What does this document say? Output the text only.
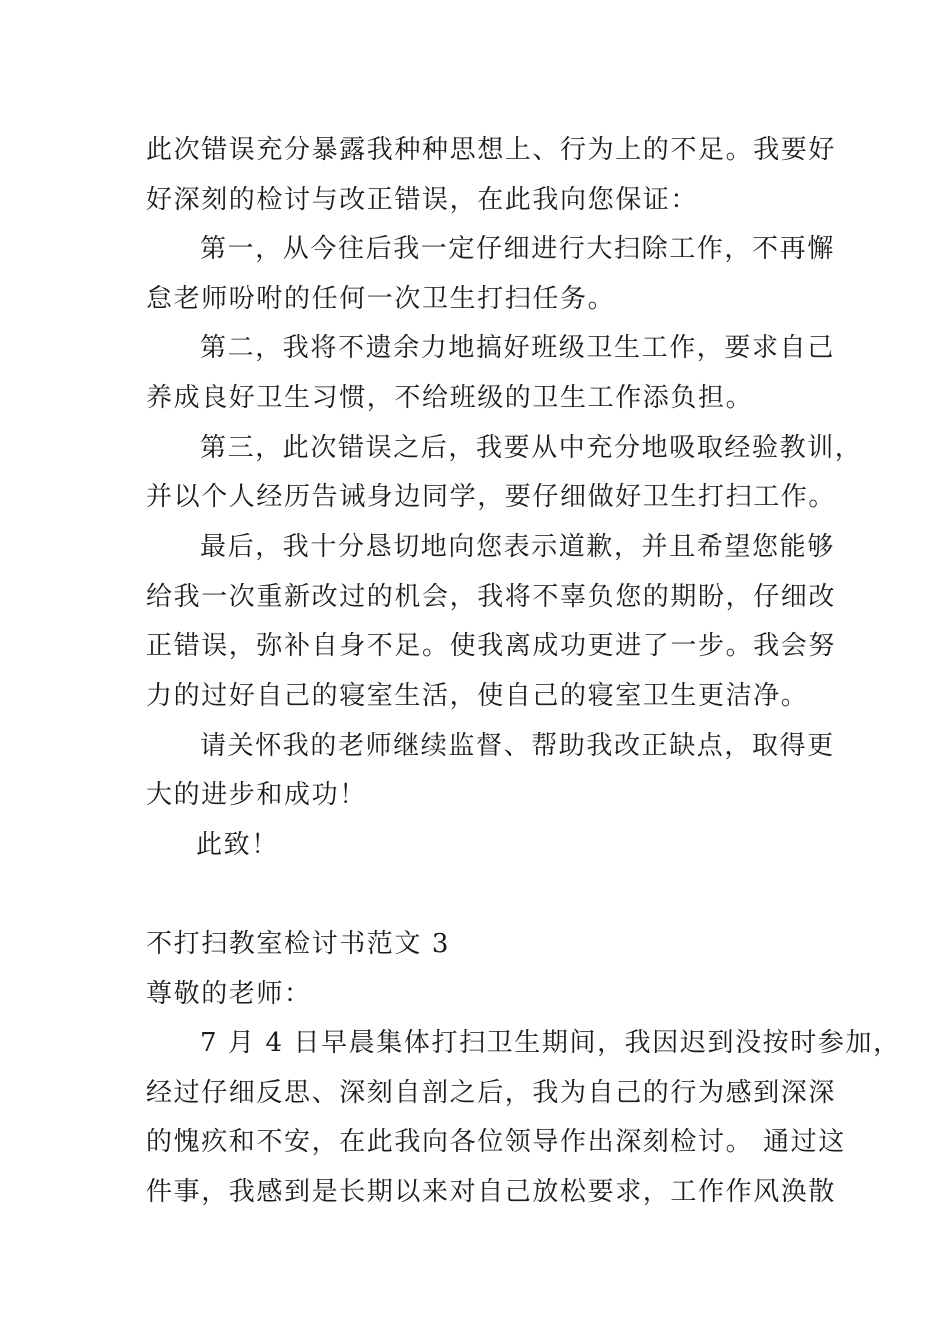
此次错误充分暴露我种种思想上、行为上的不足。我要好
好深刻的检讨与改正错误，在此我向您保证：
第一，从今往后我一定仔细进行大扫除工作，不再懈
怠老师吩咐的任何一次卫生打扫任务。
第二，我将不遗余力地搞好班级卫生工作，要求自己
养成良好卫生习惯，不给班级的卫生工作添负担。
第三，此次错误之后，我要从中充分地吸取经验教训，
并以个人经历告诫身边同学，要仔细做好卫生打扫工作。
最后，我十分恳切地向您表示道歉，并且希望您能够
给我一次重新改过的机会，我将不辜负您的期盼，仔细改
正错误，弥补自身不足。使我离成功更进了一步。我会努
力的过好自己的寝室生活，使自己的寝室卫生更洁净。
请关怀我的老师继续监督、帮助我改正缺点，取得更
大的进步和成功！
此致！
不打扫教室检讨书范文 3
尊敬的老师：
7 月 4 日早晨集体打扫卫生期间，我因迟到没按时参加，
经过仔细反思、深刻自剖之后，我为自己的行为感到深深
的愧疚和不安，在此我向各位领导作出深刻检讨。 通过这
件事，我感到是长期以来对自己放松要求，工作作风涣散
